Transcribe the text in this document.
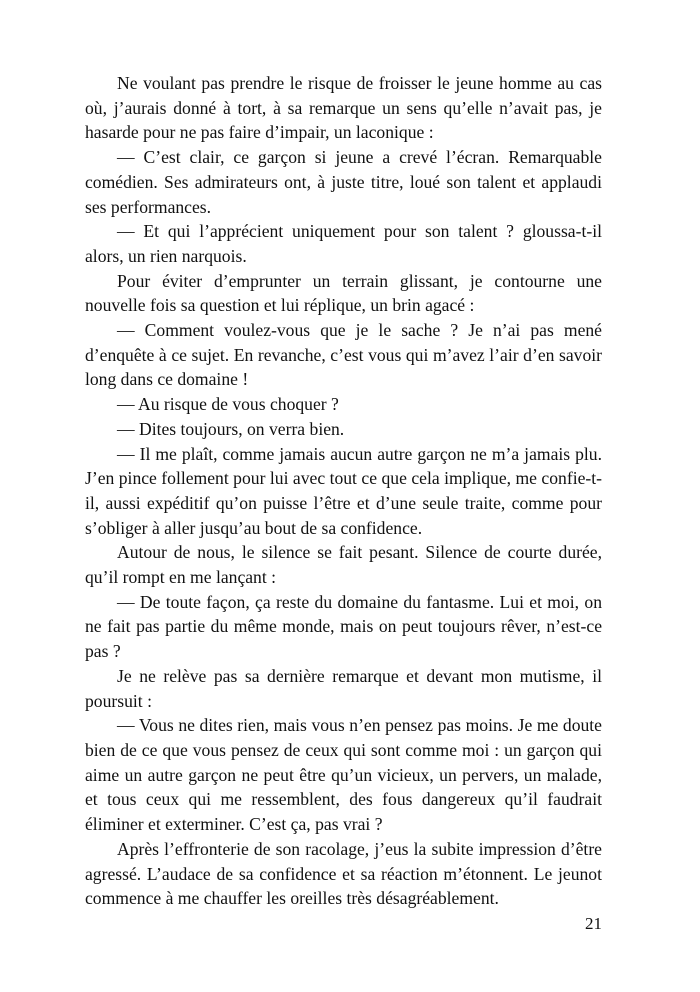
Ne voulant pas prendre le risque de froisser le jeune homme au cas où, j’aurais donné à tort, à sa remarque un sens qu’elle n’avait pas, je hasarde pour ne pas faire d’impair, un laconique :

— C’est clair, ce garçon si jeune a crevé l’écran. Remarquable comédien. Ses admirateurs ont, à juste titre, loué son talent et applaudi ses performances.

— Et qui l’apprécient uniquement pour son talent ? gloussa-t-il alors, un rien narquois.

Pour éviter d’emprunter un terrain glissant, je contourne une nouvelle fois sa question et lui réplique, un brin agacé :

— Comment voulez-vous que je le sache ? Je n’ai pas mené d’enquête à ce sujet. En revanche, c’est vous qui m’avez l’air d’en savoir long dans ce domaine !

— Au risque de vous choquer ?

— Dites toujours, on verra bien.

— Il me plaît, comme jamais aucun autre garçon ne m’a jamais plu. J’en pince follement pour lui avec tout ce que cela implique, me confie-t-il, aussi expéditif qu’on puisse l’être et d’une seule traite, comme pour s’obliger à aller jusqu’au bout de sa confidence.

Autour de nous, le silence se fait pesant. Silence de courte durée, qu’il rompt en me lançant :

— De toute façon, ça reste du domaine du fantasme. Lui et moi, on ne fait pas partie du même monde, mais on peut toujours rêver, n’est-ce pas ?

Je ne relève pas sa dernière remarque et devant mon mutisme, il poursuit :

— Vous ne dites rien, mais vous n’en pensez pas moins. Je me doute bien de ce que vous pensez de ceux qui sont comme moi : un garçon qui aime un autre garçon ne peut être qu’un vicieux, un pervers, un malade, et tous ceux qui me ressemblent, des fous dangereux qu’il faudrait éliminer et exterminer. C’est ça, pas vrai ?

Après l’effronterie de son racolage, j’eus la subite impression d’être agressé. L’audace de sa confidence et sa réaction m’étonnent. Le jeunot commence à me chauffer les oreilles très désagréablement.

21
